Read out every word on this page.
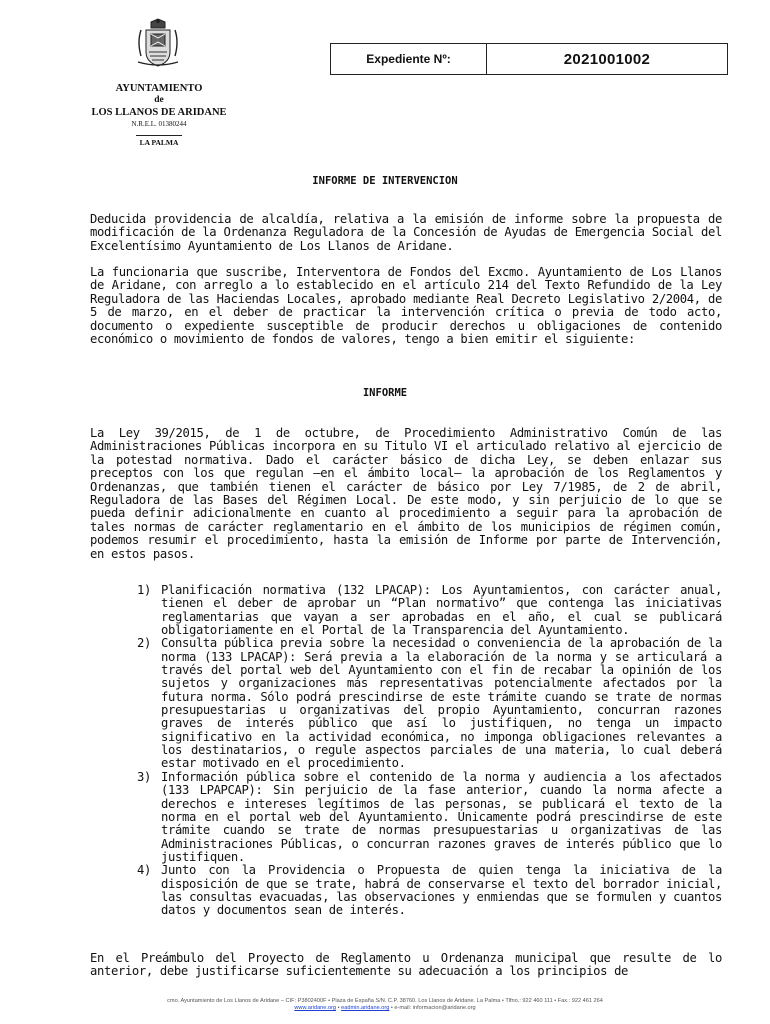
AYUNTAMIENTO
de
LOS LLANOS DE ARIDANE
N.R.E.L. 01380244
LA PALMA
Expediente Nº:	2021001002
INFORME DE INTERVENCION

Deducida providencia de alcaldía, relativa a la emisión de informe sobre la propuesta de modificación de la Ordenanza Reguladora de la Concesión de Ayudas de Emergencia Social del Excelentísimo Ayuntamiento de Los Llanos de Aridane.

La funcionaria que suscribe, Interventora de Fondos del Excmo. Ayuntamiento de Los Llanos de Aridane, con arreglo a lo establecido en el artículo 214 del Texto Refundido de la Ley Reguladora de las Haciendas Locales, aprobado mediante Real Decreto Legislativo 2/2004, de 5 de marzo, en el deber de practicar la intervención crítica o previa de todo acto, documento o expediente susceptible de producir derechos u obligaciones de contenido económico o movimiento de fondos de valores, tengo a bien emitir el siguiente:

INFORME

La Ley 39/2015, de 1 de octubre, de Procedimiento Administrativo Común de las Administraciones Públicas incorpora en su Titulo VI el articulado relativo al ejercicio de la potestad normativa. Dado el carácter básico de dicha Ley, se deben enlazar sus preceptos con los que regulan –en el ámbito local– la aprobación de los Reglamentos y Ordenanzas, que también tienen el carácter de básico por Ley 7/1985, de 2 de abril, Reguladora de las Bases del Régimen Local. De este modo, y sin perjuicio de lo que se pueda definir adicionalmente en cuanto al procedimiento a seguir para la aprobación de tales normas de carácter reglamentario en el ámbito de los municipios de régimen común, podemos resumir el procedimiento, hasta la emisión de Informe por parte de Intervención, en estos pasos.

1) Planificación normativa (132 LPACAP): Los Ayuntamientos, con carácter anual, tienen el deber de aprobar un “Plan normativo” que contenga las iniciativas reglamentarias que vayan a ser aprobadas en el año, el cual se publicará obligatoriamente en el Portal de la Transparencia del Ayuntamiento.
2) Consulta pública previa sobre la necesidad o conveniencia de la aprobación de la norma (133 LPACAP): Será previa a la elaboración de la norma y se articulará a través del portal web del Ayuntamiento con el fin de recabar la opinión de los sujetos y organizaciones más representativas potencialmente afectados por la futura norma. Sólo podrá prescindirse de este trámite cuando se trate de normas presupuestarias u organizativas del propio Ayuntamiento, concurran razones graves de interés público que así lo justifiquen, no tenga un impacto significativo en la actividad económica, no imponga obligaciones relevantes a los destinatarios, o regule aspectos parciales de una materia, lo cual deberá estar motivado en el procedimiento.
3) Información pública sobre el contenido de la norma y audiencia a los afectados (133 LPAPCAP): Sin perjuicio de la fase anterior, cuando la norma afecte a derechos e intereses legítimos de las personas, se publicará el texto de la norma en el portal web del Ayuntamiento. Únicamente podrá prescindirse de este trámite cuando se trate de normas presupuestarias u organizativas de las Administraciones Públicas, o concurran razones graves de interés público que lo justifiquen.
4) Junto con la Providencia o Propuesta de quien tenga la iniciativa de la disposición de que se trate, habrá de conservarse el texto del borrador inicial, las consultas evacuadas, las observaciones y enmiendas que se formulen y cuantos datos y documentos sean de interés.

En el Preámbulo del Proyecto de Reglamento u Ordenanza municipal que resulte de lo anterior, debe justificarse suficientemente su adecuación a los principios de

cmo. Ayuntamiento de Los Llanos de Aridane – CIF: P3802400F • Plaza de España S/N. C.P. 38760. Los Llanos de Aridane. La Palma • Tlfno.: 922 460 111 • Fax.: 922 461 264
www.aridane.org • eadmin.aridane.org • e-mail: informacion@aridane.org
